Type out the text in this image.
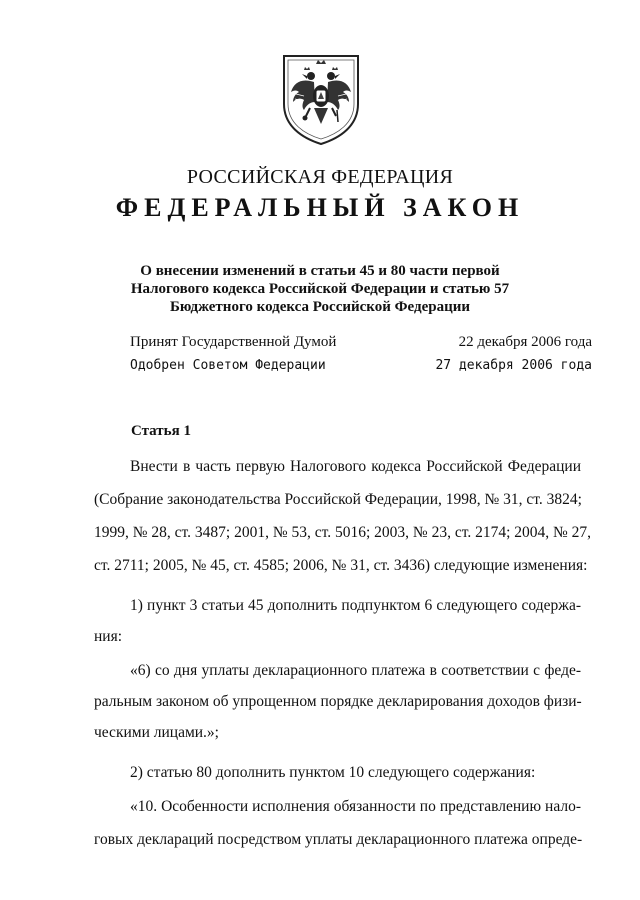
РОССИЙСКАЯ ФЕДЕРАЦИЯ
ФЕДЕРАЛЬНЫЙ ЗАКОН
О внесении изменений в статьи 45 и 80 части первой
Налогового кодекса Российской Федерации и статью 57
Бюджетного кодекса Российской Федерации
Принят Государственной Думой	22 декабря 2006 года
Одобрен Советом Федерации	27 декабря 2006 года
Статья 1
Внести в часть первую Налогового кодекса Российской Федерации
(Собрание законодательства Российской Федерации, 1998, № 31, ст. 3824;
1999, № 28, ст. 3487; 2001, № 53, ст. 5016; 2003, № 23, ст. 2174; 2004, № 27,
ст. 2711; 2005, № 45, ст. 4585; 2006, № 31, ст. 3436) следующие изменения:
1) пункт 3 статьи 45 дополнить подпунктом 6 следующего содержа-
ния:
«6) со дня уплаты декларационного платежа в соответствии с феде-
ральным законом об упрощенном порядке декларирования доходов физи-
ческими лицами.»;
2) статью 80 дополнить пунктом 10 следующего содержания:
«10. Особенности исполнения обязанности по представлению нало-
говых деклараций посредством уплаты декларационного платежа опреде-
